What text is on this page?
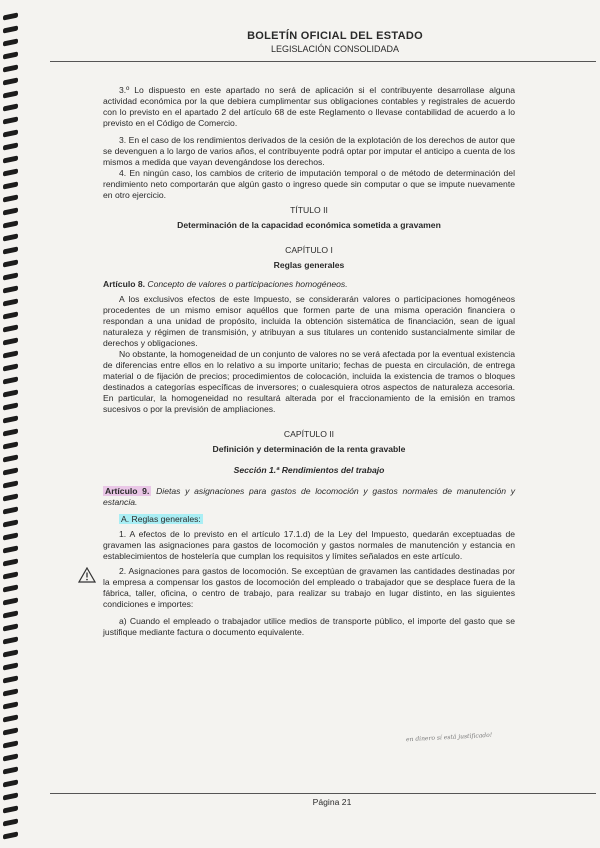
BOLETÍN OFICIAL DEL ESTADO
LEGISLACIÓN CONSOLIDADA

3.º Lo dispuesto en este apartado no será de aplicación si el contribuyente desarrollase alguna actividad económica por la que debiera cumplimentar sus obligaciones contables y registrales de acuerdo con lo previsto en el apartado 2 del artículo 68 de este Reglamento o llevase contabilidad de acuerdo a lo previsto en el Código de Comercio.

3. En el caso de los rendimientos derivados de la cesión de la explotación de los derechos de autor que se devenguen a lo largo de varios años, el contribuyente podrá optar por imputar el anticipo a cuenta de los mismos a medida que vayan devengándose los derechos.

4. En ningún caso, los cambios de criterio de imputación temporal o de método de determinación del rendimiento neto comportarán que algún gasto o ingreso quede sin computar o que se impute nuevamente en otro ejercicio.

TÍTULO II

Determinación de la capacidad económica sometida a gravamen

CAPÍTULO I

Reglas generales

Artículo 8. Concepto de valores o participaciones homogéneos.

A los exclusivos efectos de este Impuesto, se considerarán valores o participaciones homogéneos procedentes de un mismo emisor aquéllos que formen parte de una misma operación financiera o respondan a una unidad de propósito, incluida la obtención sistemática de financiación, sean de igual naturaleza y régimen de transmisión, y atribuyan a sus titulares un contenido sustancialmente similar de derechos y obligaciones.

No obstante, la homogeneidad de un conjunto de valores no se verá afectada por la eventual existencia de diferencias entre ellos en lo relativo a su importe unitario; fechas de puesta en circulación, de entrega material o de fijación de precios; procedimientos de colocación, incluida la existencia de tramos o bloques destinados a categorías específicas de inversores; o cualesquiera otros aspectos de naturaleza accesoria. En particular, la homogeneidad no resultará alterada por el fraccionamiento de la emisión en tramos sucesivos o por la previsión de ampliaciones.

CAPÍTULO II

Definición y determinación de la renta gravable

Sección 1.ª Rendimientos del trabajo

Artículo 9. Dietas y asignaciones para gastos de locomoción y gastos normales de manutención y estancia.

A. Reglas generales:

1. A efectos de lo previsto en el artículo 17.1.d) de la Ley del Impuesto, quedarán exceptuadas de gravamen las asignaciones para gastos de locomoción y gastos normales de manutención y estancia en establecimientos de hostelería que cumplan los requisitos y límites señalados en este artículo.

2. Asignaciones para gastos de locomoción. Se exceptúan de gravamen las cantidades destinadas por la empresa a compensar los gastos de locomoción del empleado o trabajador que se desplace fuera de la fábrica, taller, oficina, o centro de trabajo, para realizar su trabajo en lugar distinto, en las siguientes condiciones e importes:

a) Cuando el empleado o trabajador utilice medios de transporte público, el importe del gasto que se justifique mediante factura o documento equivalente.

en dinero sí está justificado!
Página 21
